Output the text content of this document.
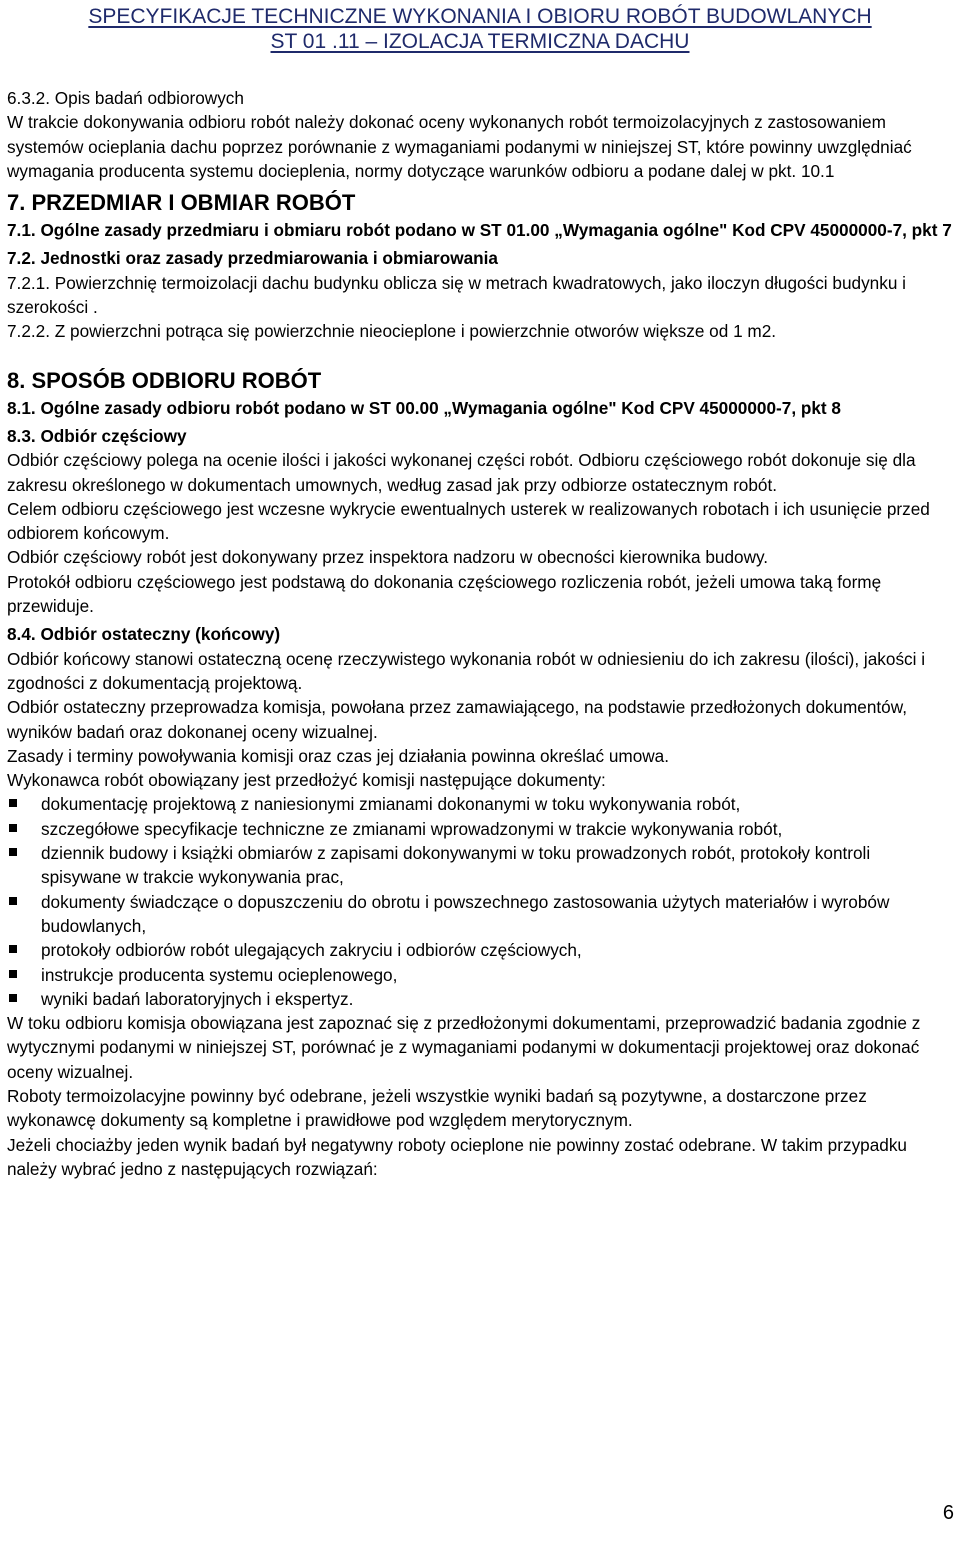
SPECYFIKACJE TECHNICZNE WYKONANIA I OBIORU ROBÓT BUDOWLANYCH
ST 01 .11 – IZOLACJA TERMICZNA DACHU

6.3.2. Opis badań odbiorowych

W trakcie dokonywania odbioru robót należy dokonać oceny wykonanych robót termoizolacyjnych z zastosowaniem systemów ocieplania dachu poprzez porównanie z wymaganiami podanymi w niniejszej ST, które powinny uwzględniać wymagania producenta systemu docieplenia, normy dotyczące warunków odbioru a podane dalej w pkt. 10.1

7. PRZEDMIAR I OBMIAR ROBÓT

7.1. Ogólne zasady przedmiaru i obmiaru robót podano w ST 01.00 „Wymagania ogólne" Kod CPV 45000000-7, pkt 7

7.2. Jednostki oraz zasady przedmiarowania i obmiarowania

7.2.1. Powierzchnię termoizolacji dachu budynku oblicza się w metrach kwadratowych, jako iloczyn długości budynku i szerokości .

7.2.2. Z powierzchni potrąca się powierzchnie nieocieplone i powierzchnie otworów większe od 1 m2.

8. SPOSÓB ODBIORU ROBÓT

8.1. Ogólne zasady odbioru robót podano w ST 00.00 „Wymagania ogólne" Kod CPV 45000000-7, pkt 8

8.3. Odbiór częściowy

Odbiór częściowy polega na ocenie ilości i jakości wykonanej części robót. Odbioru częściowego robót dokonuje się dla zakresu określonego w dokumentach umownych, według zasad jak przy odbiorze ostatecznym robót.

Celem odbioru częściowego jest wczesne wykrycie ewentualnych usterek w realizowanych robotach i ich usunięcie przed odbiorem końcowym.

Odbiór częściowy robót jest dokonywany przez inspektora nadzoru w obecności kierownika budowy.

Protokół odbioru częściowego jest podstawą do dokonania częściowego rozliczenia robót, jeżeli umowa taką formę przewiduje.

8.4. Odbiór ostateczny (końcowy)

Odbiór końcowy stanowi ostateczną ocenę rzeczywistego wykonania robót w odniesieniu do ich zakresu (ilości), jakości i zgodności z dokumentacją projektową.

Odbiór ostateczny przeprowadza komisja, powołana przez zamawiającego, na podstawie przedłożonych dokumentów, wyników badań oraz dokonanej oceny wizualnej.

Zasady i terminy powoływania komisji oraz czas jej działania powinna określać umowa.

Wykonawca robót obowiązany jest przedłożyć komisji następujące dokumenty:

dokumentację projektową z naniesionymi zmianami dokonanymi w toku wykonywania robót,
szczegółowe specyfikacje techniczne ze zmianami wprowadzonymi w trakcie wykonywania robót,
dziennik budowy i książki obmiarów z zapisami dokonywanymi w toku prowadzonych robót, protokoły kontroli spisywane w trakcie wykonywania prac,
dokumenty świadczące o dopuszczeniu do obrotu i powszechnego zastosowania użytych materiałów i wyrobów budowlanych,
protokoły odbiorów robót ulegających zakryciu i odbiorów częściowych,
instrukcje producenta systemu ocieplenowego,
wyniki badań laboratoryjnych i ekspertyz.

W toku odbioru komisja obowiązana jest zapoznać się z przedłożonymi dokumentami, przeprowadzić badania zgodnie z wytycznymi podanymi w niniejszej ST, porównać je z wymaganiami podanymi w dokumentacji projektowej oraz dokonać oceny wizualnej.

Roboty termoizolacyjne powinny być odebrane, jeżeli wszystkie wyniki badań są pozytywne, a dostarczone przez wykonawcę dokumenty są kompletne i prawidłowe pod względem merytorycznym.

Jeżeli chociażby jeden wynik badań był negatywny roboty ocieplone nie powinny zostać odebrane. W takim przypadku należy wybrać jedno z następujących rozwiązań:

6
